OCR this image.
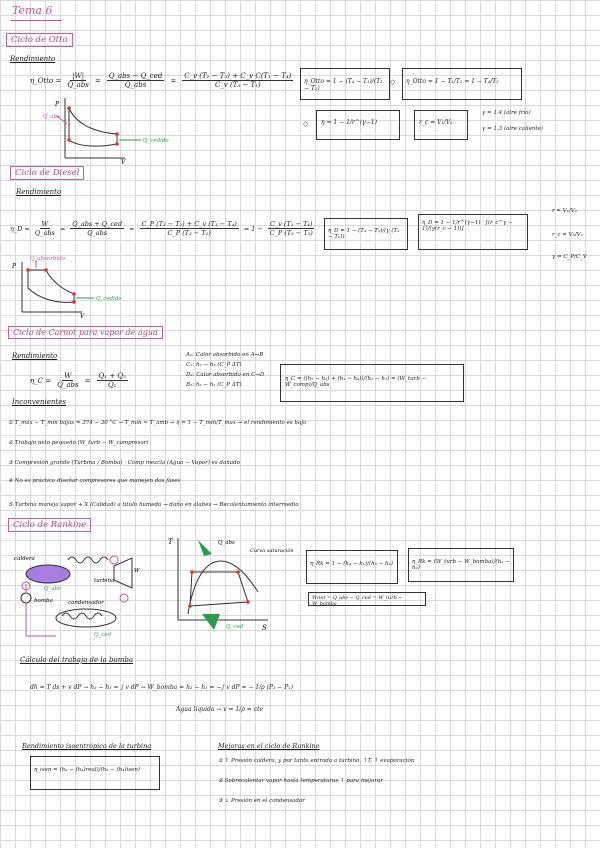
Tema 6
Ciclo de Otto
Rendimiento
η_Otto = $\frac{|W|}{\text{Q\_abs}} = \frac{\text{Q\_abs − Q\_ced}}{\text{Q\_abs}} = \frac{\text{C\_v (T₂ − T₃) + C\_v C(T₁ − T₄)}}{\text{C\_v (T₃ − T₁)}}$	η_Otto = 1 − (T₄ − T₁)/(T₃ − T₂)
◇	η_Otto = 1 − T₁/T₂ = 1 − T₄/T₃
◇	η = 1 − 1/r^(γ−1)	r_c = V₁/V₂
γ = 1.4 (aire frío)
γ = 1.3 (aire caliente)
P
V
Q_abs
Q_cedido
Ciclo de Diesel
Rendimiento
η_D = $\frac{W}{\text{Q\_abs}} = \frac{\text{Q\_abs + Q\_ced}}{\text{Q\_abs}} = \frac{\text{C\_P (T₃ − T₂) + C\_v (T₁ − T₄)}}{\text{C\_P (T₃ − T₂)}} = 1 - \frac{\text{C\_v (T₁ − T₄)}}{\text{C\_P (T₃ − T₂)}}$	η_D = 1 − (T₄ − T₁)/(γ (T₃ − T₂))
η_D = 1 − 1/r^(γ−1) · [(r_c^γ − 1)/(γ(r_c − 1))]
r = V₁/V₂
r_c = V₃/V₂
γ = C_P/C_V
P
V
Q_absorbido
Q_cedido
Ciclo de Carnot para vapor de agua
Rendimiento
η_C = $\frac{W}{\text{Q\_abs}} = \frac{\text{Q₁ + Q₂}}{\text{Q₁}}$
A₁: Calor absorbido en A→B
C₂: h₂ − h₃ (C_P ΔT)
D₂: Calor absorbido en C→D
B₂: h₂ − h₁ (C_P ΔT)
η_C = ((h₂ − h₃) + (h₁ − h₄))/(h₂ − h₃) = (W_turb − W_comp)/Q_abs
Inconvenientes
① T_máx − T_mín bajas = 374 − 30 °C → T_mín ≈ T_amb → η = 1 − T_min/T_max → el rendimiento es bajo
② Trabajo neto pequeño (W_turb − W_compresor)
③ Compresión grande (Turbina / Bomba) · Comp mezcla (Agua − Vapor) es dañado
④ No es práctico diseñar compresores que manejen dos fases
⑤ Turbina maneja vapor + X (Calidad) a titulo húmedo → daño en álabes → Recalentamiento intermedio
Ciclo de Rankine
caldera
turbina
condensador
bomba
Q_abs
Q_ced
W
T
S
Q_abs
Q_ced
Curva saturación
η_Rk = 1 − (h₄ − h₁)/(h₃ − h₂)	η_Rk = (W_turb − W_bomba)/(h₃ − h₂)
Wnet = Q_abs − Q_ced = W_turb − W_bomba
Cálculo del trabajo de la bomba
dh = T ds + v dP → h₂ − h₁ = ∫ v dP → W_bomba = h₂ − h₁ = −∫ v dP = − 1/ρ (P₂ − P₁)
Agua líquida → v = 1/ρ = cte
Rendimiento isoentrópico de la turbina
η_isen = (h₃ − (h₄)real)/(h₃ − (h₄)isen)
Mejoras en el ciclo de Rankine
① ↑ Presión caldera, y por tanto entrada a turbina, ↑T, ↑ evaporación
② Sobrecalentar vapor hasta temperaturas ↑ para mejorar
③ ↓ Presión en el condensador
